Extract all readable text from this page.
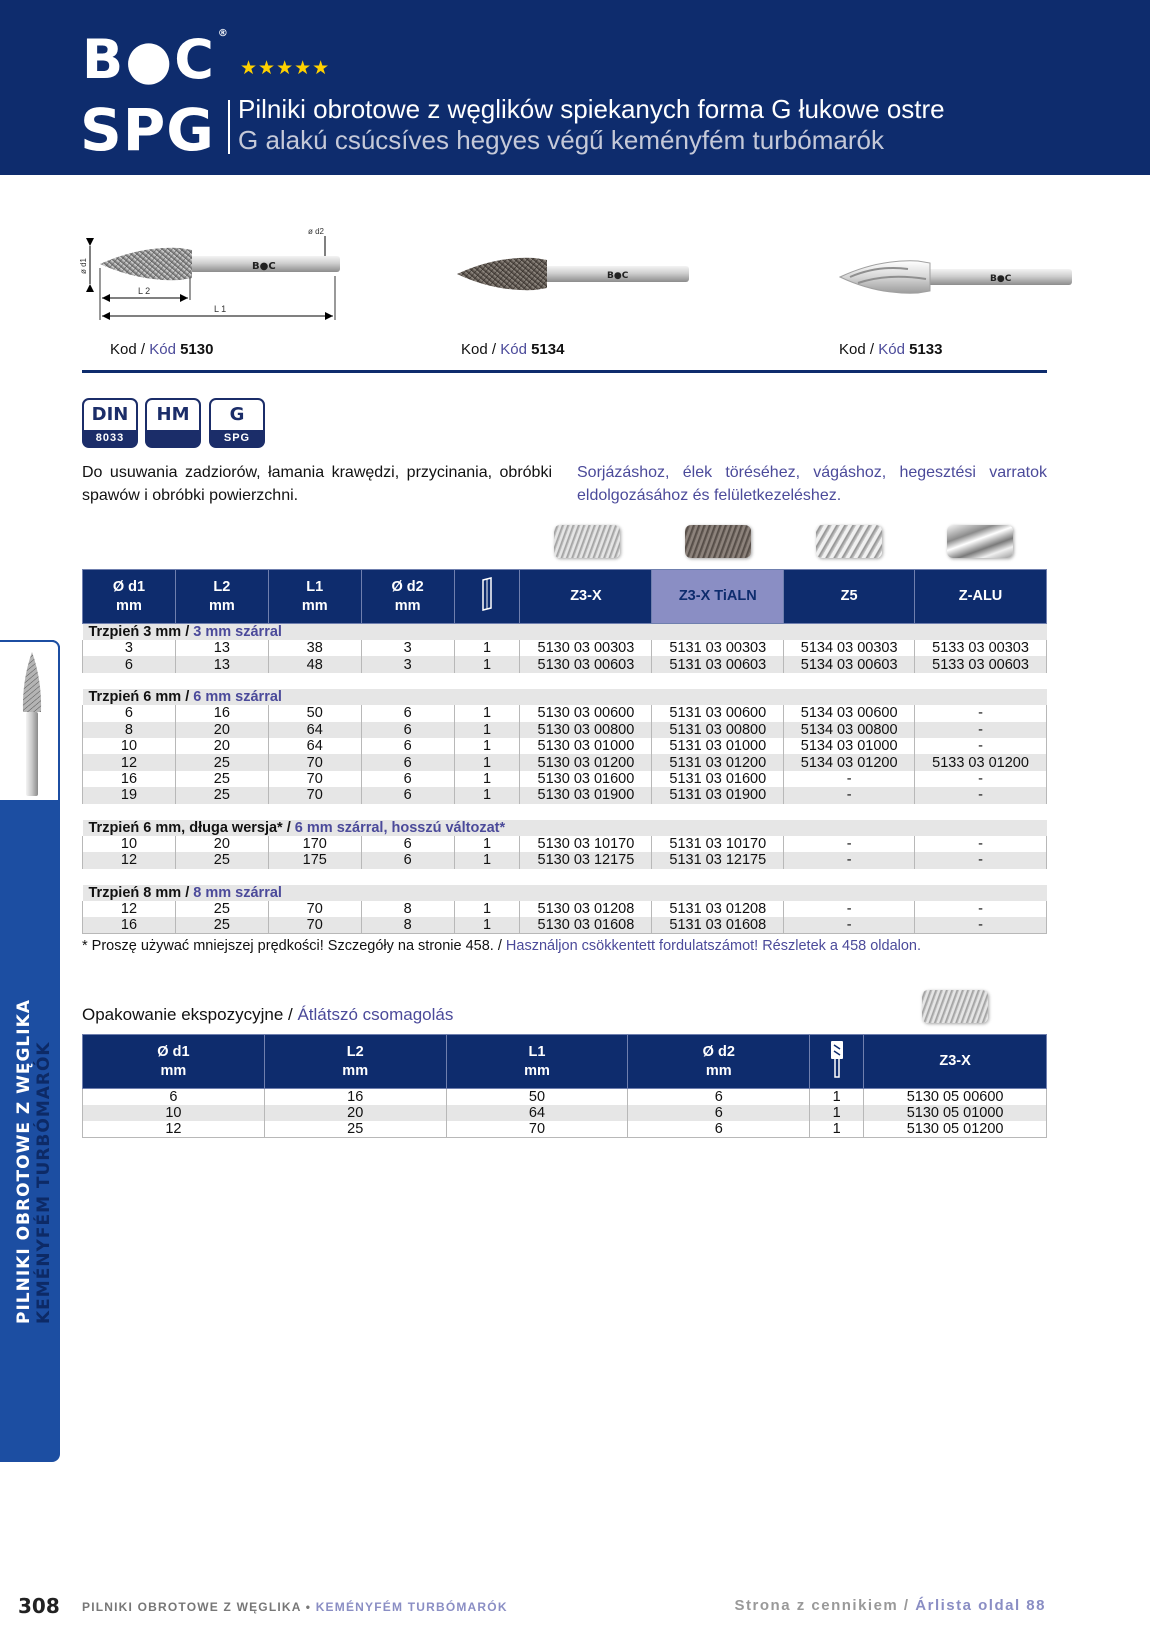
B●C ®
★★★★★
SPG Pilniki obrotowe z węglików spiekanych forma G łukowe ostre
G alakú csúcsíves hegyes végű keményfém turbómarók
B●C
ø d1
ø d2
L 2
L 1
B●C	B●C
Kod / Kód 5130	Kod / Kód 5134	Kod / Kód 5133
DIN
8033
HM	G
SPG
Do usuwania zadziorów, łamania krawędzi, przycinania, obróbki spawów i obróbki powierzchni.
Sorjázáshoz, élek töréséhez, vágáshoz, hegesztési varratok eldolgozásához és felületkezeléshez.
Ø d1
mm	L2
mm	L1
mm	Ø d2
mm		Z3-X	Z3-X TiALN	Z5	Z-ALU
Trzpień 3 mm / 3 mm szárral								
3	13	38	3	1	5130 03 00303	5131 03 00303	5134 03 00303	5133 03 00303
6	13	48	3	1	5130 03 00603	5131 03 00603	5134 03 00603	5133 03 00603

Trzpień 6 mm / 6 mm szárral								
6	16	50	6	1	5130 03 00600	5131 03 00600	5134 03 00600	-
8	20	64	6	1	5130 03 00800	5131 03 00800	5134 03 00800	-
10	20	64	6	1	5130 03 01000	5131 03 01000	5134 03 01000	-
12	25	70	6	1	5130 03 01200	5131 03 01200	5134 03 01200	5133 03 01200
16	25	70	6	1	5130 03 01600	5131 03 01600	-	-
19	25	70	6	1	5130 03 01900	5131 03 01900	-	-

Trzpień 6 mm, długa wersja* / 6 mm szárral, hosszú változat*								
10	20	170	6	1	5130 03 10170	5131 03 10170	-	-
12	25	175	6	1	5130 03 12175	5131 03 12175	-	-

Trzpień 8 mm / 8 mm szárral								
12	25	70	8	1	5130 03 01208	5131 03 01208	-	-
16	25	70	8	1	5130 03 01608	5131 03 01608	-	-
* Proszę używać mniejszej prędkości! Szczegóły na stronie 458. / Használjon csökkentett fordulatszámot! Részletek a 458 oldalon.
Opakowanie ekspozycyjne / Átlátszó csomagolás
Ø d1
mm	L2
mm	L1
mm	Ø d2
mm		Z3-X
6	16	50	6	1	5130 05 00600
10	20	64	6	1	5130 05 01000
12	25	70	6	1	5130 05 01200
PILNIKI OBROTOWE Z WĘGLIKA KEMÉNYFÉM TURBÓMARÓK
308 PILNIKI OBROTOWE Z WĘGLIKA • KEMÉNYFÉM TURBÓMARÓK	Strona z cennikiem / Árlista oldal 88
